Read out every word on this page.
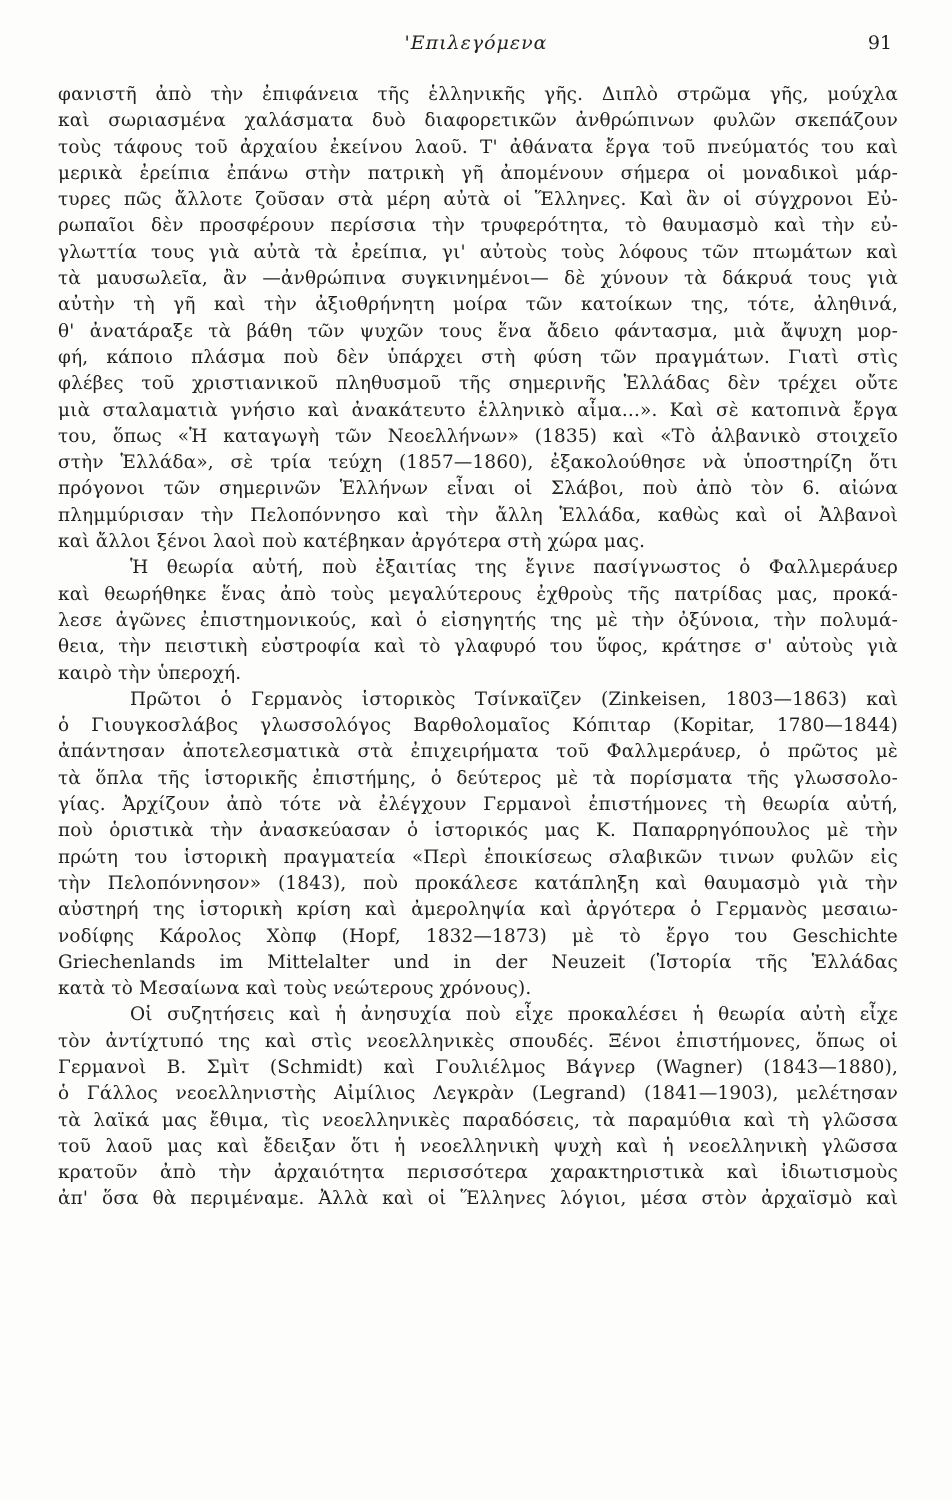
'Επιλεγόμενα	91
φανιστῆ ἀπὸ τὴν ἐπιφάνεια τῆς ἑλληνικῆς γῆς. Διπλὸ στρῶμα γῆς, μούχλα
καὶ σωριασμένα χαλάσματα δυὸ διαφορετικῶν ἀνθρώπινων φυλῶν σκεπάζουν
τοὺς τάφους τοῦ ἀρχαίου ἐκείνου λαοῦ. Τ' ἀθάνατα ἔργα τοῦ πνεύματός του καὶ
μερικὰ ἐρείπια ἐπάνω στὴν πατρικὴ γῆ ἀπομένουν σήμερα οἱ μοναδικοὶ μάρ-
τυρες πῶς ἄλλοτε ζοῦσαν στὰ μέρη αὐτὰ οἱ Ἕλληνες. Καὶ ἂν οἱ σύγχρονοι Εὐ-
ρωπαῖοι δὲν προσφέρουν περίσσια τὴν τρυφερότητα, τὸ θαυμασμὸ καὶ τὴν εὐ-
γλωττία τους γιὰ αὐτὰ τὰ ἐρείπια, γι' αὐτοὺς τοὺς λόφους τῶν πτωμάτων καὶ
τὰ μαυσωλεῖα, ἂν —ἀνθρώπινα συγκινημένοι— δὲ χύνουν τὰ δάκρυά τους γιὰ
αὐτὴν τὴ γῆ καὶ τὴν ἀξιοθρήνητη μοίρα τῶν κατοίκων της, τότε, ἀληθινά,
θ' ἀνατάραξε τὰ βάθη τῶν ψυχῶν τους ἕνα ἄδειο φάντασμα, μιὰ ἄψυχη μορ-
φή, κάποιο πλάσμα ποὺ δὲν ὑπάρχει στὴ φύση τῶν πραγμάτων. Γιατὶ στὶς
φλέβες τοῦ χριστιανικοῦ πληθυσμοῦ τῆς σημερινῆς Ἑλλάδας δὲν τρέχει οὔτε
μιὰ σταλαματιὰ γνήσιο καὶ ἀνακάτευτο ἑλληνικὸ αἷμα...». Καὶ σὲ κατοπινὰ ἔργα
του, ὅπως «Ἡ καταγωγὴ τῶν Νεοελλήνων» (1835) καὶ «Τὸ ἀλβανικὸ στοιχεῖο
στὴν Ἑλλάδα», σὲ τρία τεύχη (1857—1860), ἐξακολούθησε νὰ ὑποστηρίζη ὅτι
πρόγονοι τῶν σημερινῶν Ἑλλήνων εἶναι οἱ Σλάβοι, ποὺ ἀπὸ τὸν 6. αἰώνα
πλημμύρισαν τὴν Πελοπόννησο καὶ τὴν ἄλλη Ἑλλάδα, καθὼς καὶ οἱ Ἀλβανοὶ
καὶ ἄλλοι ξένοι λαοὶ ποὺ κατέβηκαν ἀργότερα στὴ χώρα μας.
Ἡ θεωρία αὐτή, ποὺ ἐξαιτίας της ἔγινε πασίγνωστος ὁ Φαλλμεράυερ
καὶ θεωρήθηκε ἕνας ἀπὸ τοὺς μεγαλύτερους ἐχθροὺς τῆς πατρίδας μας, προκά-
λεσε ἀγῶνες ἐπιστημονικούς, καὶ ὁ εἰσηγητής της μὲ τὴν ὀξύνοια, τὴν πολυμά-
θεια, τὴν πειστικὴ εὐστροφία καὶ τὸ γλαφυρό του ὕφος, κράτησε σ' αὐτοὺς γιὰ
καιρὸ τὴν ὑπεροχή.
Πρῶτοι ὁ Γερμανὸς ἱστορικὸς Τσίνκαϊζεν (Zinkeisen, 1803—1863) καὶ
ὁ Γιουγκοσλάβος γλωσσολόγος Βαρθολομαῖος Κόπιταρ (Kopitar, 1780—1844)
ἀπάντησαν ἀποτελεσματικὰ στὰ ἐπιχειρήματα τοῦ Φαλλμεράυερ, ὁ πρῶτος μὲ
τὰ ὅπλα τῆς ἱστορικῆς ἐπιστήμης, ὁ δεύτερος μὲ τὰ πορίσματα τῆς γλωσσολο-
γίας. Ἀρχίζουν ἀπὸ τότε νὰ ἐλέγχουν Γερμανοὶ ἐπιστήμονες τὴ θεωρία αὐτή,
ποὺ ὁριστικὰ τὴν ἀνασκεύασαν ὁ ἱστορικός μας Κ. Παπαρρηγόπουλος μὲ τὴν
πρώτη του ἱστορικὴ πραγματεία «Περὶ ἐποικίσεως σλαβικῶν τινων φυλῶν εἰς
τὴν Πελοπόννησον» (1843), ποὺ προκάλεσε κατάπληξη καὶ θαυμασμὸ γιὰ τὴν
αὐστηρή της ἱστορικὴ κρίση καὶ ἀμεροληψία καὶ ἀργότερα ὁ Γερμανὸς μεσαιω-
νοδίφης Κάρολος Χὸπφ (Hopf, 1832—1873) μὲ τὸ ἔργο του Geschichte
Griechenlands im Mittelalter und in der Neuzeit (Ἱστορία τῆς Ἑλλάδας
κατὰ τὸ Μεσαίωνα καὶ τοὺς νεώτερους χρόνους).
Οἱ συζητήσεις καὶ ἡ ἀνησυχία ποὺ εἶχε προκαλέσει ἡ θεωρία αὐτὴ εἶχε
τὸν ἀντίχτυπό της καὶ στὶς νεοελληνικὲς σπουδές. Ξένοι ἐπιστήμονες, ὅπως οἱ
Γερμανοὶ Β. Σμὶτ (Schmidt) καὶ Γουλιέλμος Βάγνερ (Wagner) (1843—1880),
ὁ Γάλλος νεοελληνιστὴς Αἰμίλιος Λεγκρὰν (Legrand) (1841—1903), μελέτησαν
τὰ λαϊκά μας ἔθιμα, τὶς νεοελληνικὲς παραδόσεις, τὰ παραμύθια καὶ τὴ γλῶσσα
τοῦ λαοῦ μας καὶ ἔδειξαν ὅτι ἡ νεοελληνικὴ ψυχὴ καὶ ἡ νεοελληνικὴ γλῶσσα
κρατοῦν ἀπὸ τὴν ἀρχαιότητα περισσότερα χαρακτηριστικὰ καὶ ἰδιωτισμοὺς
ἀπ' ὅσα θὰ περιμέναμε. Ἀλλὰ καὶ οἱ Ἕλληνες λόγιοι, μέσα στὸν ἀρχαϊσμὸ καὶ
